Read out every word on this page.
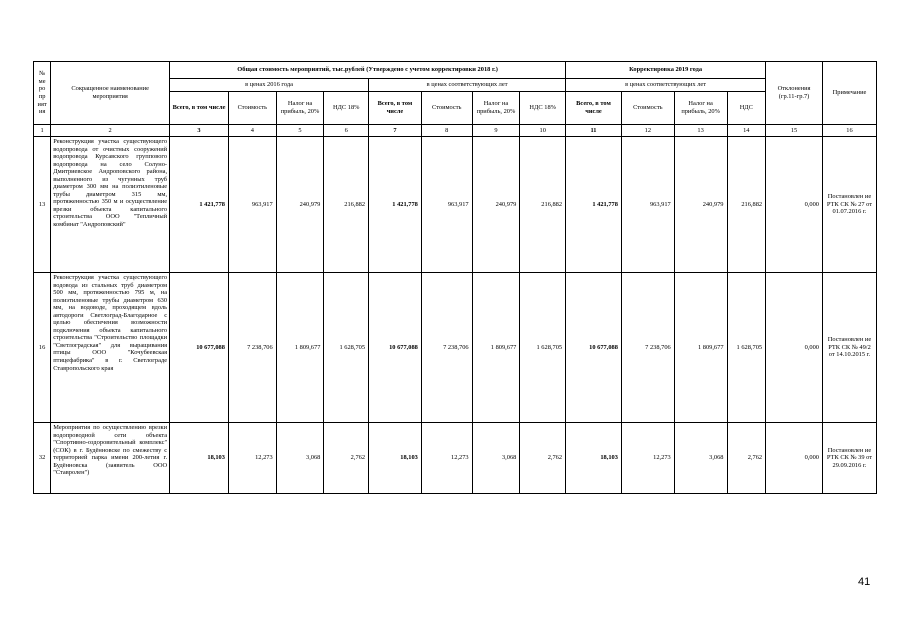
№ ме ро пр ият ия	Сокращенное наименование мероприятия	Общая стоимость мероприятий, тыс.рублей (Утверждено с учетом корректировки 2018 г.)								Корректировка 2019 года				Отклонения (гр.11-гр.7)	Примечание
		в ценах 2016 года				в ценах соответствующих лет				в ценах соответствующих лет					
		Всего, в том числе	Стоимость	Налог на прибыль, 20%	НДС 18%	Всего, в том числе	Стоимость	Налог на прибыль, 20%	НДС 18%	Всего, в том числе	Стоимость	Налог на прибыль, 20%	НДС		
1	2	3	4	5	6	7	8	9	10	11	12	13	14	15	16
13	Реконструкция участка существующего водопровода от очистных сооружений водопровода Курсавского группового водопровода на село Солуно-Дмитриевское Андроповского района, выполненного из чугунных труб диаметром 300 мм на полиэтиленовые трубы диаметром 315 мм, протяженностью 350 м и осуществление врезки объекта капитального строительства ООО "Тепличный комбинат "Андроповский"	1 421,778	963,917	240,979	216,882	1 421,778	963,917	240,979	216,882	1 421,778	963,917	240,979	216,882	0,000	Постановлен ие РТК СК № 27 от 01.07.2016 г.
16	Реконструкция участка существующего водовода из стальных труб диаметром 500 мм, протяженностью 795 м, на полиэтиленовые трубы диаметром 630 мм, на водоводе, проходящем вдоль автодороги Светлоград-Благодарное с целью обеспечения возможности подключения объекта капитального строительства "Строительство площадки "Светлоградская" для выращивания птицы ООО "Кочубеевская птицефабрика" в г. Светлограде Ставропольского края	10 677,088	7 238,706	1 809,677	1 628,705	10 677,088	7 238,706	1 809,677	1 628,705	10 677,088	7 238,706	1 809,677	1 628,705	0,000	Постановлен ие РТК СК № 49/2 от 14.10.2015 г.
32	Мероприятия по осуществлению врезки водопроводной сети объекта "Спортивно-оздоровительный комплекс" (СОК) в г. Будённовске по смежеству с территорией парка имени 200-летия г. Будённовска (заявитель ООО "Ставролен")	18,103	12,273	3,068	2,762	18,103	12,273	3,068	2,762	18,103	12,273	3,068	2,762	0,000	Постановлен ие РТК СК № 39 от 29.09.2016 г.
41
